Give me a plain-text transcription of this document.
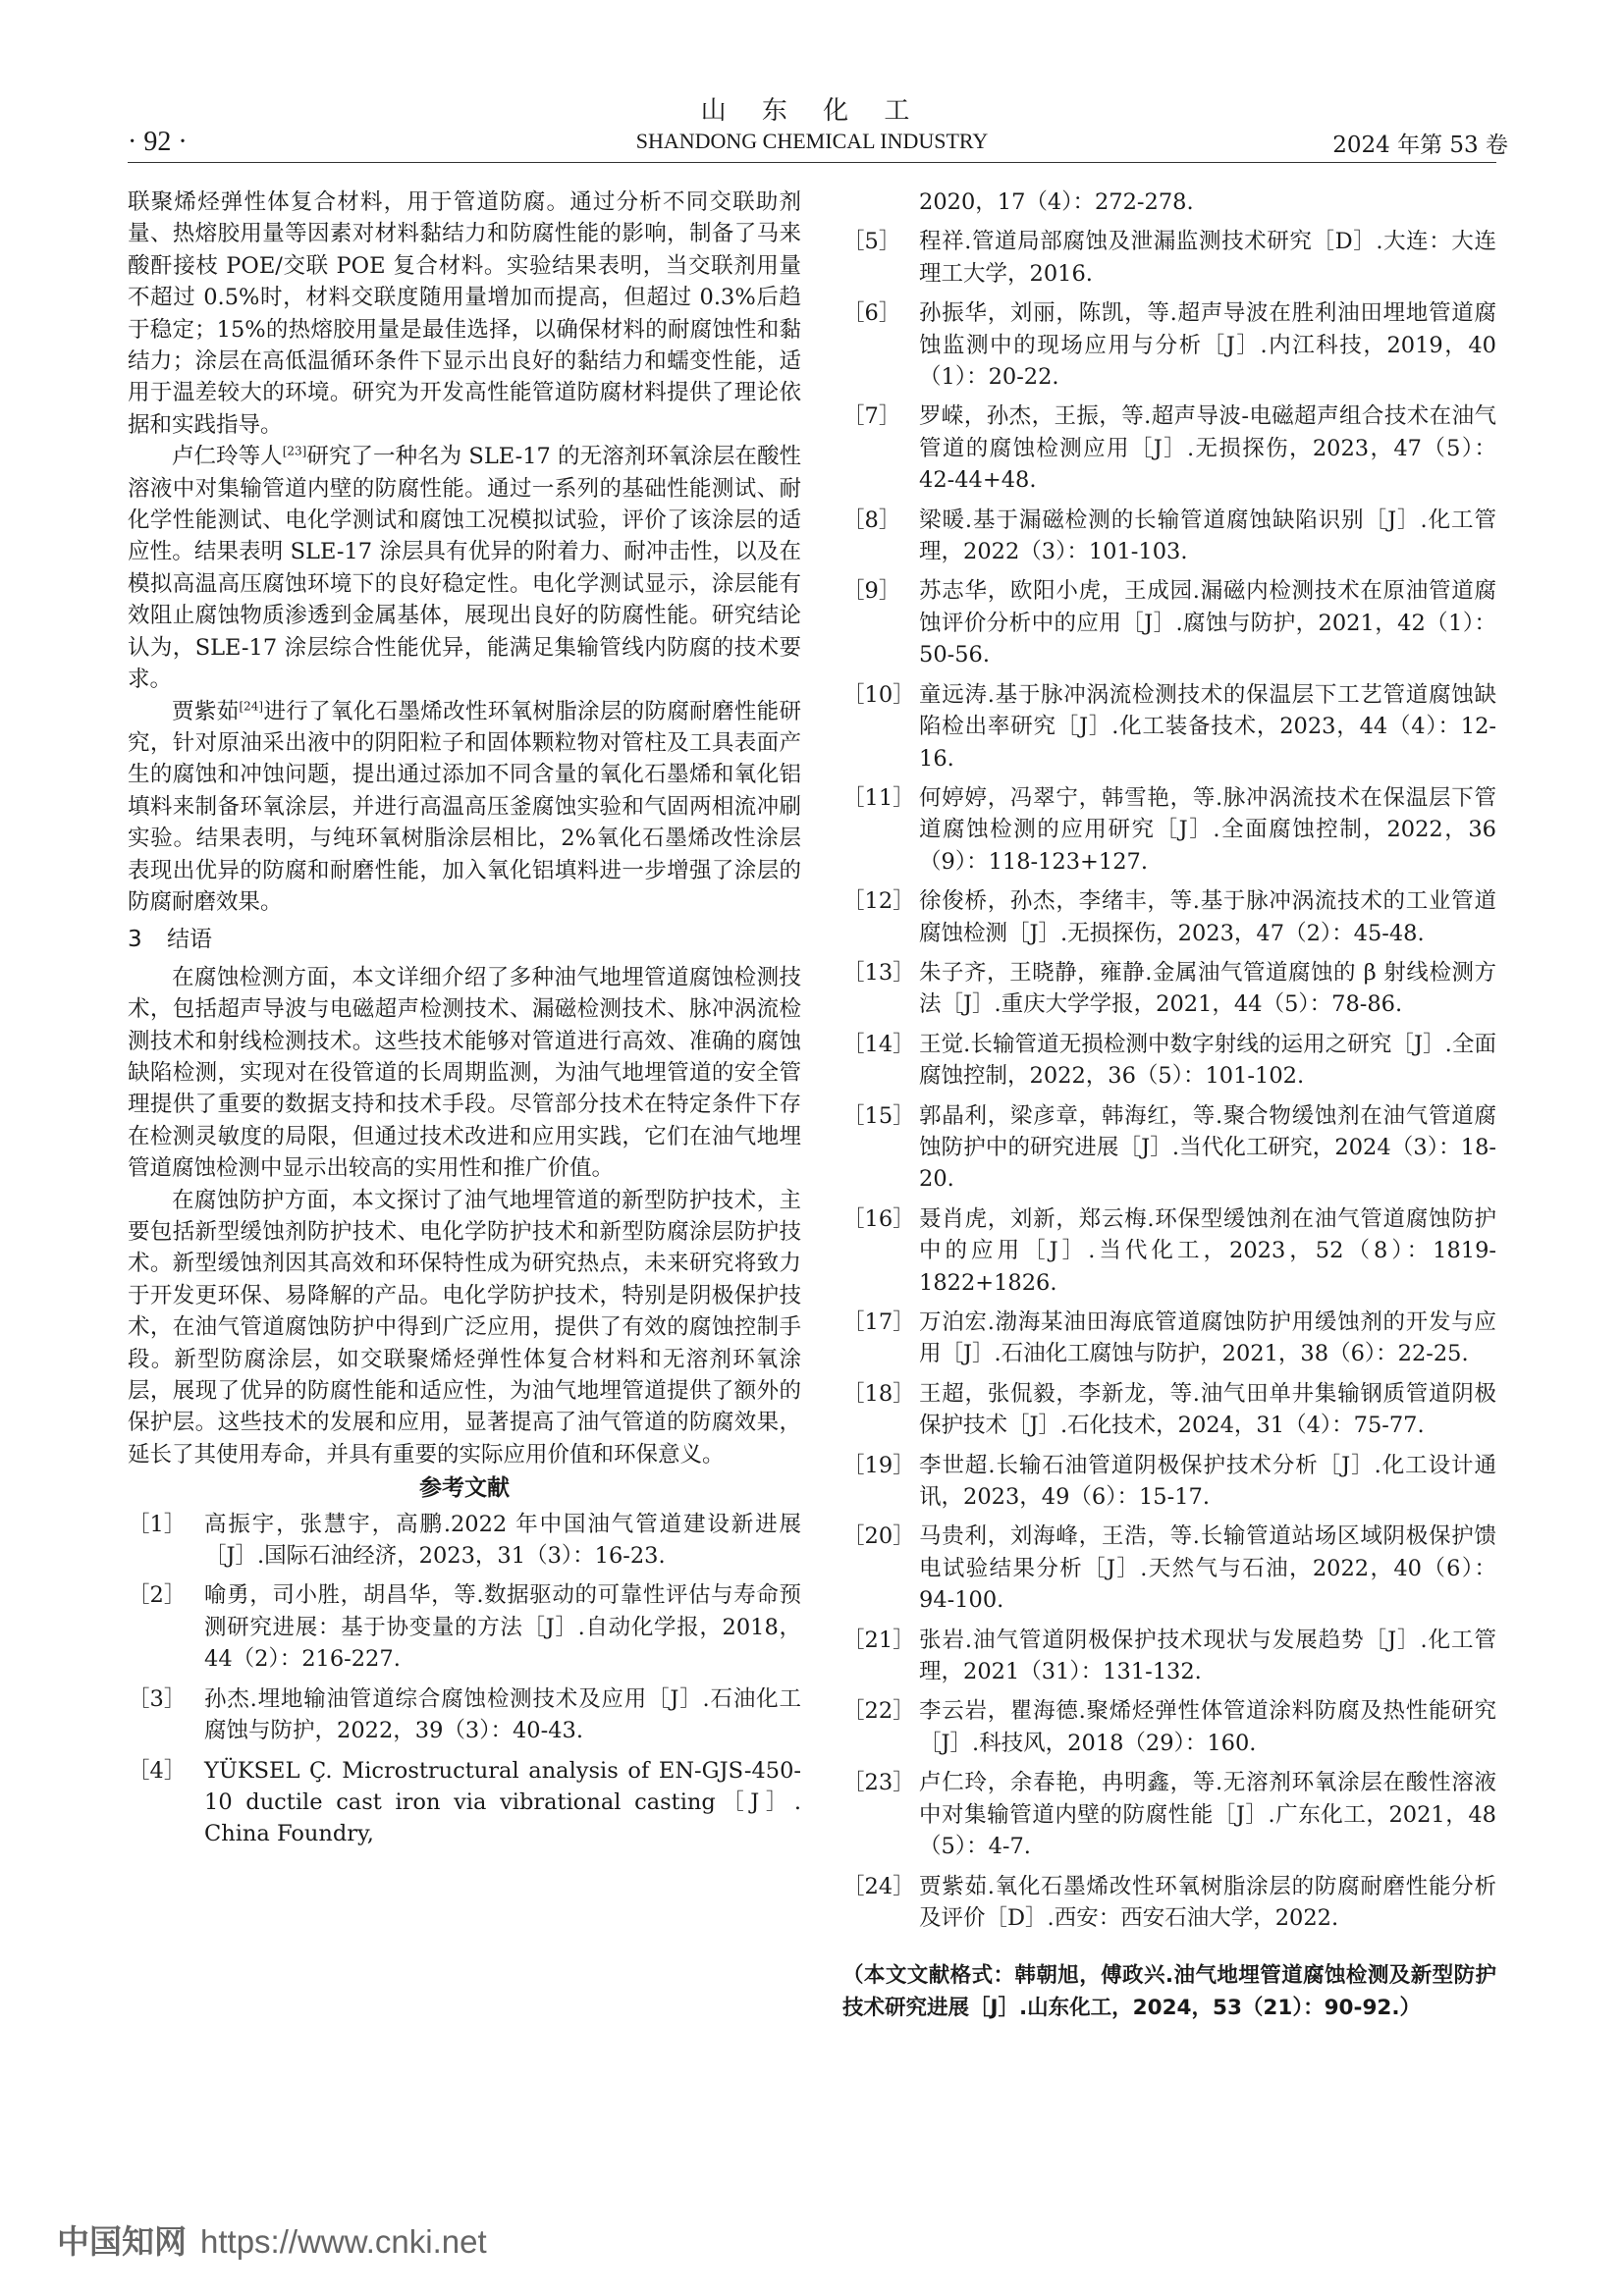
山 东 化 工
· 92 ·	SHANDONG CHEMICAL INDUSTRY	2024 年第 53 卷

联聚烯烃弹性体复合材料，用于管道防腐。通过分析不同交联助剂量、热熔胶用量等因素对材料黏结力和防腐性能的影响，制备了马来酸酐接枝 POE/交联 POE 复合材料。实验结果表明，当交联剂用量不超过 0.5%时，材料交联度随用量增加而提高，但超过 0.3%后趋于稳定；15%的热熔胶用量是最佳选择，以确保材料的耐腐蚀性和黏结力；涂层在高低温循环条件下显示出良好的黏结力和蠕变性能，适用于温差较大的环境。研究为开发高性能管道防腐材料提供了理论依据和实践指导。

卢仁玲等人[23]研究了一种名为 SLE-17 的无溶剂环氧涂层在酸性溶液中对集输管道内壁的防腐性能。通过一系列的基础性能测试、耐化学性能测试、电化学测试和腐蚀工况模拟试验，评价了该涂层的适应性。结果表明 SLE-17 涂层具有优异的附着力、耐冲击性，以及在模拟高温高压腐蚀环境下的良好稳定性。电化学测试显示，涂层能有效阻止腐蚀物质渗透到金属基体，展现出良好的防腐性能。研究结论认为，SLE-17 涂层综合性能优异，能满足集输管线内防腐的技术要求。

贾紫茹[24]进行了氧化石墨烯改性环氧树脂涂层的防腐耐磨性能研究，针对原油采出液中的阴阳粒子和固体颗粒物对管柱及工具表面产生的腐蚀和冲蚀问题，提出通过添加不同含量的氧化石墨烯和氧化铝填料来制备环氧涂层，并进行高温高压釜腐蚀实验和气固两相流冲刷实验。结果表明，与纯环氧树脂涂层相比，2%氧化石墨烯改性涂层表现出优异的防腐和耐磨性能，加入氧化铝填料进一步增强了涂层的防腐耐磨效果。

3 结语

在腐蚀检测方面，本文详细介绍了多种油气地埋管道腐蚀检测技术，包括超声导波与电磁超声检测技术、漏磁检测技术、脉冲涡流检测技术和射线检测技术。这些技术能够对管道进行高效、准确的腐蚀缺陷检测，实现对在役管道的长周期监测，为油气地埋管道的安全管理提供了重要的数据支持和技术手段。尽管部分技术在特定条件下存在检测灵敏度的局限，但通过技术改进和应用实践，它们在油气地埋管道腐蚀检测中显示出较高的实用性和推广价值。

在腐蚀防护方面，本文探讨了油气地埋管道的新型防护技术，主要包括新型缓蚀剂防护技术、电化学防护技术和新型防腐涂层防护技术。新型缓蚀剂因其高效和环保特性成为研究热点，未来研究将致力于开发更环保、易降解的产品。电化学防护技术，特别是阴极保护技术，在油气管道腐蚀防护中得到广泛应用，提供了有效的腐蚀控制手段。新型防腐涂层，如交联聚烯烃弹性体复合材料和无溶剂环氧涂层，展现了优异的防腐性能和适应性，为油气地埋管道提供了额外的保护层。这些技术的发展和应用，显著提高了油气管道的防腐效果，延长了其使用寿命，并具有重要的实际应用价值和环保意义。

参考文献

［1］ 高振宇，张慧宇，高鹏.2022 年中国油气管道建设新进展［J］.国际石油经济，2023，31（3）：16-23.
［2］ 喻勇，司小胜，胡昌华，等.数据驱动的可靠性评估与寿命预测研究进展：基于协变量的方法［J］.自动化学报，2018，44（2）：216-227.
［3］ 孙杰.埋地输油管道综合腐蚀检测技术及应用［J］.石油化工腐蚀与防护，2022，39（3）：40-43.
［4］ YÜKSEL Ç. Microstructural analysis of EN-GJS-450-10 ductile cast iron via vibrational casting［J］. China Foundry,

2020，17（4）：272-278.

［5］ 程祥.管道局部腐蚀及泄漏监测技术研究［D］.大连：大连理工大学，2016.
［6］ 孙振华，刘丽，陈凯，等.超声导波在胜利油田埋地管道腐蚀监测中的现场应用与分析［J］.内江科技，2019，40（1）：20-22.
［7］ 罗嵘，孙杰，王振，等.超声导波-电磁超声组合技术在油气管道的腐蚀检测应用［J］.无损探伤，2023，47（5）：42-44+48.
［8］ 梁暖.基于漏磁检测的长输管道腐蚀缺陷识别［J］.化工管理，2022（3）：101-103.
［9］ 苏志华，欧阳小虎，王成园.漏磁内检测技术在原油管道腐蚀评价分析中的应用［J］.腐蚀与防护，2021，42（1）：50-56.
［10］ 童远涛.基于脉冲涡流检测技术的保温层下工艺管道腐蚀缺陷检出率研究［J］.化工装备技术，2023，44（4）：12-16.
［11］ 何婷婷，冯翠宁，韩雪艳，等.脉冲涡流技术在保温层下管道腐蚀检测的应用研究［J］.全面腐蚀控制，2022，36（9）：118-123+127.
［12］ 徐俊桥，孙杰，李绪丰，等.基于脉冲涡流技术的工业管道腐蚀检测［J］.无损探伤，2023，47（2）：45-48.
［13］ 朱子齐，王晓静，雍静.金属油气管道腐蚀的 β 射线检测方法［J］.重庆大学学报，2021，44（5）：78-86.
［14］ 王觉.长输管道无损检测中数字射线的运用之研究［J］.全面腐蚀控制，2022，36（5）：101-102.
［15］ 郭晶利，梁彦章，韩海红，等.聚合物缓蚀剂在油气管道腐蚀防护中的研究进展［J］.当代化工研究，2024（3）：18-20.
［16］ 聂肖虎，刘新，郑云梅.环保型缓蚀剂在油气管道腐蚀防护中的应用［J］.当代化工，2023，52（8）：1819-1822+1826.
［17］ 万泊宏.渤海某油田海底管道腐蚀防护用缓蚀剂的开发与应用［J］.石油化工腐蚀与防护，2021，38（6）：22-25.
［18］ 王超，张侃毅，李新龙，等.油气田单井集输钢质管道阴极保护技术［J］.石化技术，2024，31（4）：75-77.
［19］ 李世超.长输石油管道阴极保护技术分析［J］.化工设计通讯，2023，49（6）：15-17.
［20］ 马贵利，刘海峰，王浩，等.长输管道站场区域阴极保护馈电试验结果分析［J］.天然气与石油，2022，40（6）：94-100.
［21］ 张岩.油气管道阴极保护技术现状与发展趋势［J］.化工管理，2021（31）：131-132.
［22］ 李云岩，瞿海德.聚烯烃弹性体管道涂料防腐及热性能研究［J］.科技风，2018（29）：160.
［23］ 卢仁玲，余春艳，冉明鑫，等.无溶剂环氧涂层在酸性溶液中对集输管道内壁的防腐性能［J］.广东化工，2021，48（5）：4-7.
［24］ 贾紫茹.氧化石墨烯改性环氧树脂涂层的防腐耐磨性能分析及评价［D］.西安：西安石油大学，2022.

（本文文献格式：韩朝旭，傅政兴.油气地埋管道腐蚀检测及新型防护技术研究进展［J］.山东化工，2024，53（21）：90-92.）

中国知网 https://www.cnki.net
